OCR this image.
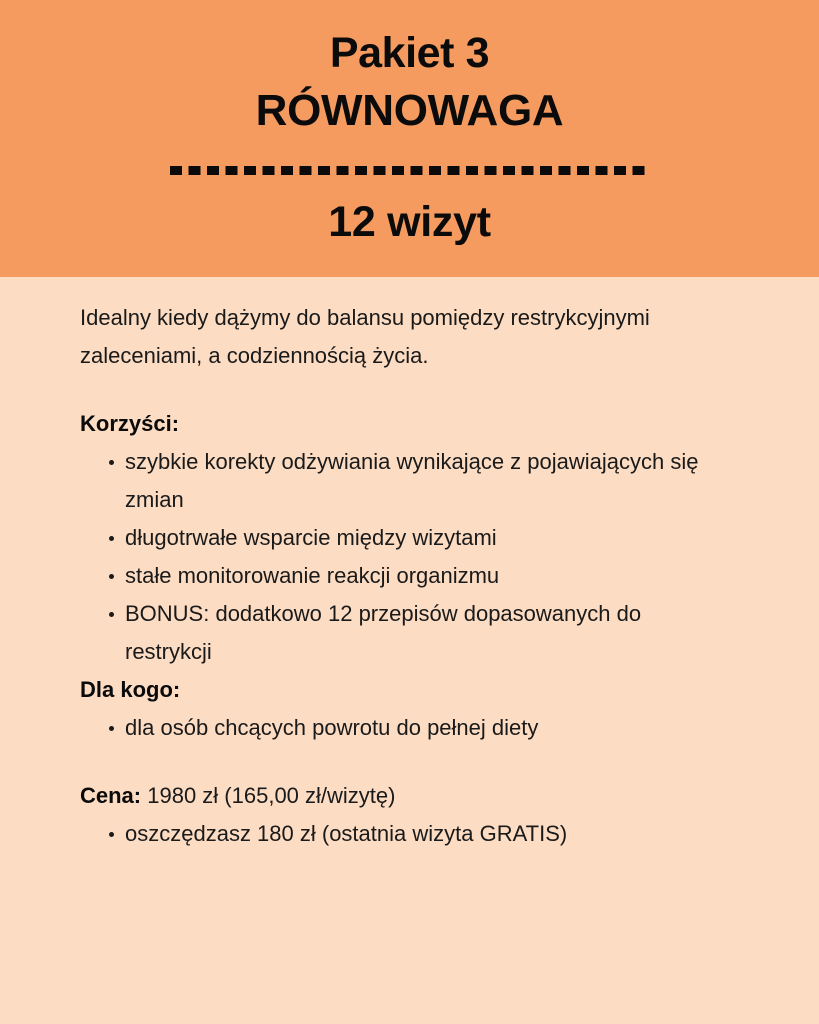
Pakiet 3
RÓWNOWAGA
12 wizyt

Idealny kiedy dążymy do balansu pomiędzy restrykcyjnymi zaleceniami, a codziennością życia.

Korzyści:
szybkie korekty odżywiania wynikające z pojawiających się zmian
długotrwałe wsparcie między wizytami
stałe monitorowanie reakcji organizmu
BONUS: dodatkowo 12 przepisów dopasowanych do restrykcji
Dla kogo:
dla osób chcących powrotu do pełnej diety
Cena: 1980 zł (165,00 zł/wizytę)
oszczędzasz 180 zł (ostatnia wizyta GRATIS)
